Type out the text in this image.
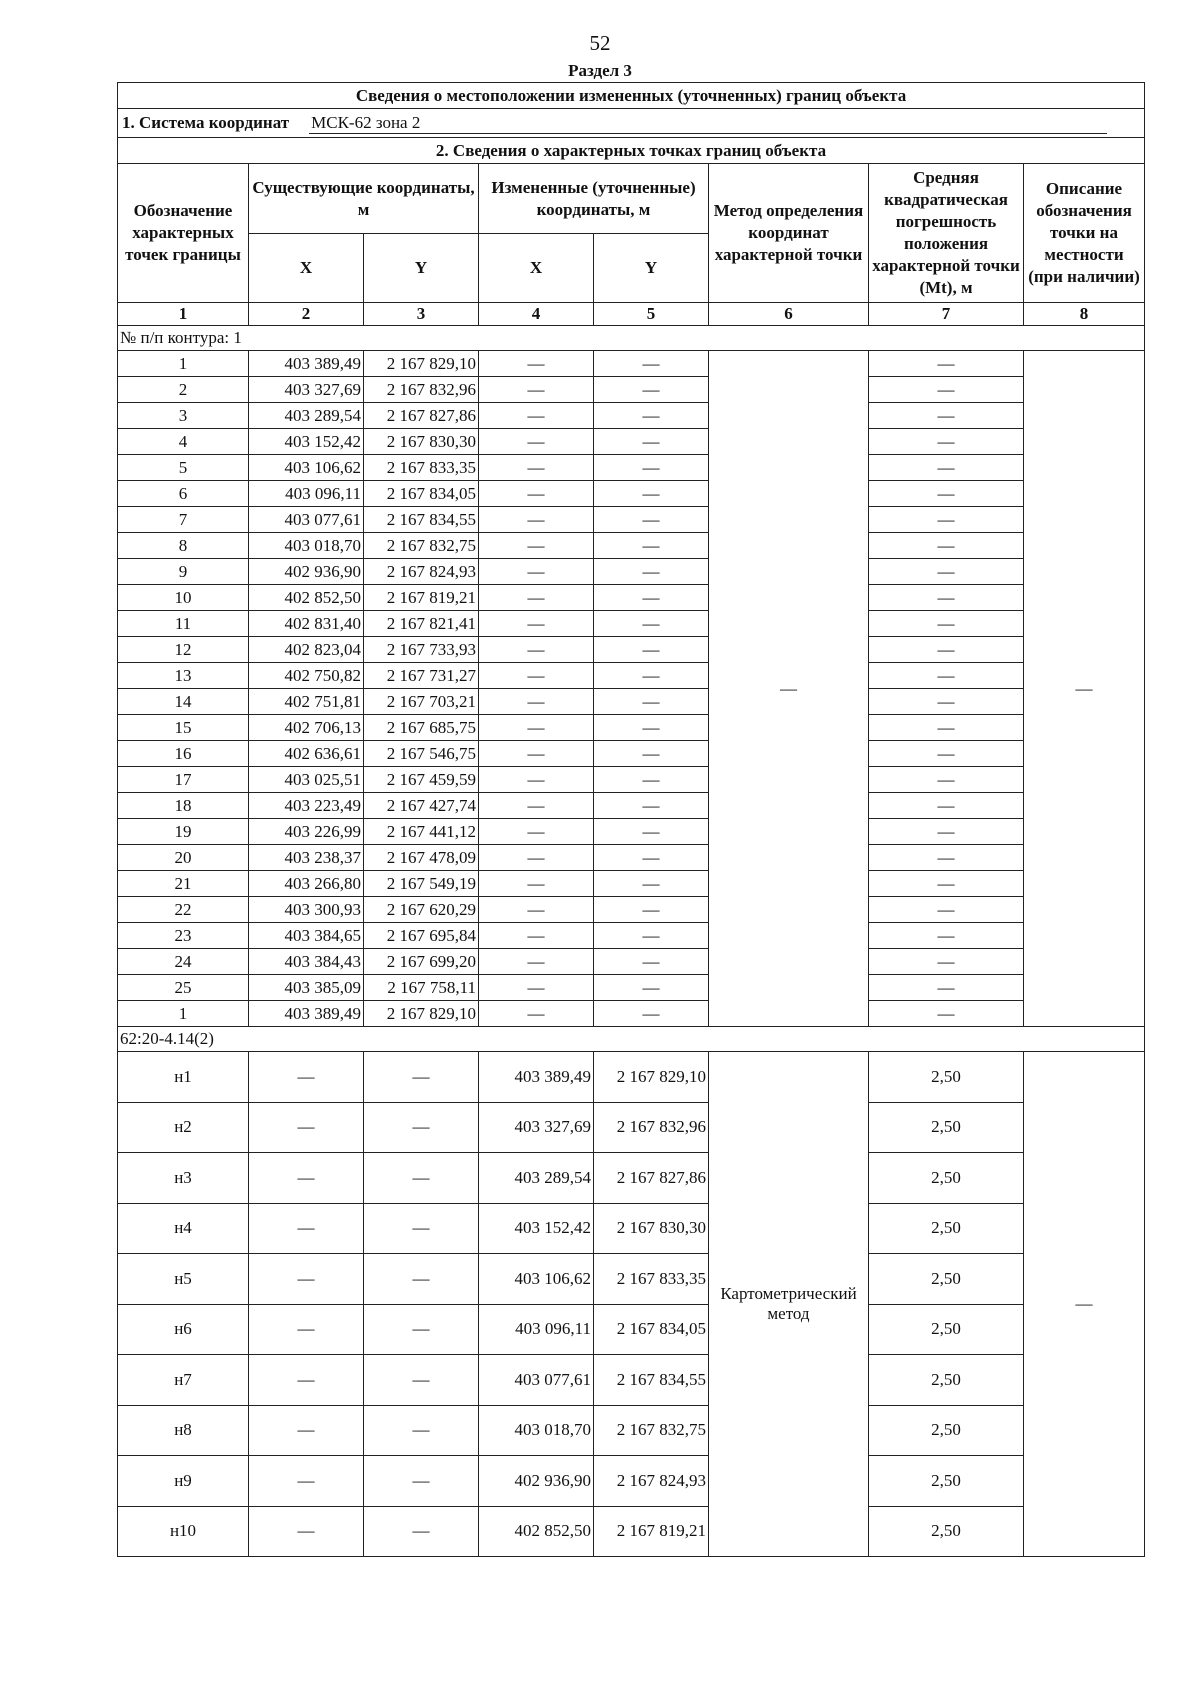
52
Раздел 3
Сведения о местоположении измененных (уточненных) границ объекта							
1. Система координат МСК-62 зона 2							
2. Сведения о характерных точках границ объекта							
Обозначение характерных точек границы	Существующие координаты, м		Измененные (уточненные) координаты, м		Метод определения координат характерной точки	Средняя квадратическая погрешность положения характерной точки (Mt), м	Описание обозначения точки на местности (при наличии)
	X	Y	X	Y			
1	2	3	4	5	6	7	8
№ п/п контура: 1							
1	403 389,49	2 167 829,10	—	—	—	—	—
2	403 327,69	2 167 832,96	—	—		—	
3	403 289,54	2 167 827,86	—	—		—	
4	403 152,42	2 167 830,30	—	—		—	
5	403 106,62	2 167 833,35	—	—		—	
6	403 096,11	2 167 834,05	—	—		—	
7	403 077,61	2 167 834,55	—	—		—	
8	403 018,70	2 167 832,75	—	—		—	
9	402 936,90	2 167 824,93	—	—		—	
10	402 852,50	2 167 819,21	—	—		—	
11	402 831,40	2 167 821,41	—	—		—	
12	402 823,04	2 167 733,93	—	—		—	
13	402 750,82	2 167 731,27	—	—		—	
14	402 751,81	2 167 703,21	—	—		—	
15	402 706,13	2 167 685,75	—	—		—	
16	402 636,61	2 167 546,75	—	—		—	
17	403 025,51	2 167 459,59	—	—		—	
18	403 223,49	2 167 427,74	—	—		—	
19	403 226,99	2 167 441,12	—	—		—	
20	403 238,37	2 167 478,09	—	—		—	
21	403 266,80	2 167 549,19	—	—		—	
22	403 300,93	2 167 620,29	—	—		—	
23	403 384,65	2 167 695,84	—	—		—	
24	403 384,43	2 167 699,20	—	—		—	
25	403 385,09	2 167 758,11	—	—		—	
1	403 389,49	2 167 829,10	—	—		—	
62:20-4.14(2)							
н1	—	—	403 389,49	2 167 829,10	Картометрический метод	2,50	—
н2	—	—	403 327,69	2 167 832,96		2,50	
н3	—	—	403 289,54	2 167 827,86		2,50	
н4	—	—	403 152,42	2 167 830,30		2,50	
н5	—	—	403 106,62	2 167 833,35		2,50	
н6	—	—	403 096,11	2 167 834,05		2,50	
н7	—	—	403 077,61	2 167 834,55		2,50	
н8	—	—	403 018,70	2 167 832,75		2,50	
н9	—	—	402 936,90	2 167 824,93		2,50	
н10	—	—	402 852,50	2 167 819,21		2,50	
